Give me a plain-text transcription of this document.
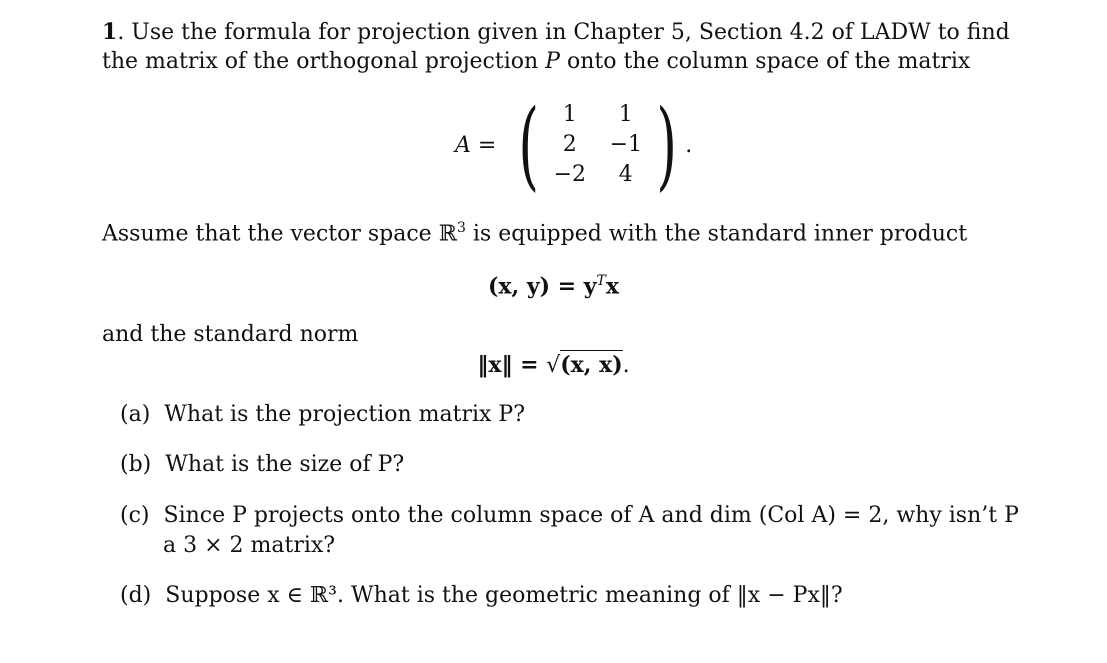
1. Use the formula for projection given in Chapter 5, Section 4.2 of LADW to find
the matrix of the orthogonal projection P onto the column space of the matrix
A = ( 1	1
2	−1
−2	4 ) .
Assume that the vector space ℝ$^3$ is equipped with the standard inner product
(x, $y) = y^Tx$
and the standard norm
‖x‖ = √(x, x).
(a) What is the projection matrix P?
(b) What is the size of P?
(c) Since P projects onto the column space of A and dim (Col A) = 2, why isn’t P
a 3 × 2 matrix?
(d) Suppose x ∈ ℝ³. What is the geometric meaning of ‖x − Px‖?
